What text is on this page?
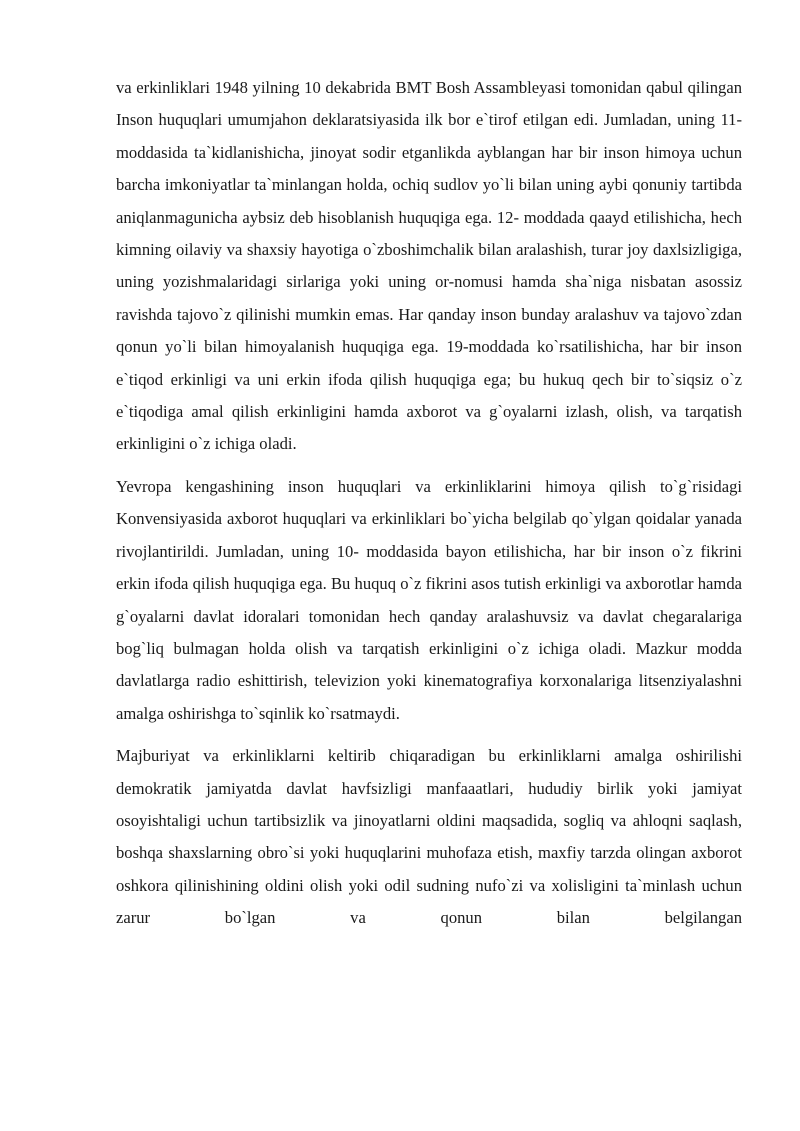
va erkinliklari 1948 yilning 10 dekabrida BMT Bosh Assambleyasi tomonidan qabul qilingan Inson huquqlari umumjahon deklaratsiyasida ilk bor e`tirof etilgan edi. Jumladan, uning 11- moddasida ta`kidlanishicha, jinoyat sodir etganlikda ayblangan har bir inson himoya uchun barcha imkoniyatlar ta`minlangan holda, ochiq sudlov yo`li bilan uning aybi qonuniy tartibda aniqlanmagunicha aybsiz deb hisoblanish huquqiga ega. 12- moddada qaayd etilishicha, hech kimning oilaviy va shaxsiy hayotiga o`zboshimchalik bilan aralashish, turar joy daxlsizligiga, uning yozishmalaridagi sirlariga yoki uning or-nomusi hamda sha`niga nisbatan asossiz ravishda tajovo`z qilinishi mumkin emas. Har qanday inson bunday aralashuv va tajovo`zdan qonun yo`li bilan himoyalanish huquqiga ega. 19-moddada ko`rsatilishicha, har bir inson e`tiqod erkinligi va uni erkin ifoda qilish huquqiga ega; bu hukuq qech bir to`siqsiz o`z e`tiqodiga amal qilish erkinligini hamda axborot va g`oyalarni izlash, olish, va tarqatish erkinligini o`z ichiga oladi.

Yevropa kengashining inson huquqlari va erkinliklarini himoya qilish to`g`risidagi Konvensiyasida axborot huquqlari va erkinliklari bo`yicha belgilab qo`ylgan qoidalar yanada rivojlantirildi. Jumladan, uning 10- moddasida bayon etilishicha, har bir inson o`z fikrini erkin ifoda qilish huquqiga ega. Bu huquq o`z fikrini asos tutish erkinligi va axborotlar hamda g`oyalarni davlat idoralari tomonidan hech qanday aralashuvsiz va davlat chegaralariga bog`liq bulmagan holda olish va tarqatish erkinligini o`z ichiga oladi. Mazkur modda davlatlarga radio eshittirish, televizion yoki kinematografiya korxonalariga litsenziyalashni amalga oshirishga to`sqinlik ko`rsatmaydi.

Majburiyat va erkinliklarni keltirib chiqaradigan bu erkinliklarni amalga oshirilishi demokratik jamiyatda davlat havfsizligi manfaaatlari, hududiy birlik yoki jamiyat osoyishtaligi uchun tartibsizlik va jinoyatlarni oldini maqsadida, sogliq va ahloqni saqlash, boshqa shaxslarning obro`si yoki huquqlarini muhofaza etish, maxfiy tarzda olingan axborot oshkora qilinishining oldini olish yoki odil sudning nufo`zi va xolisligini ta`minlash uchun zarur bo`lgan va qonun bilan belgilangan
